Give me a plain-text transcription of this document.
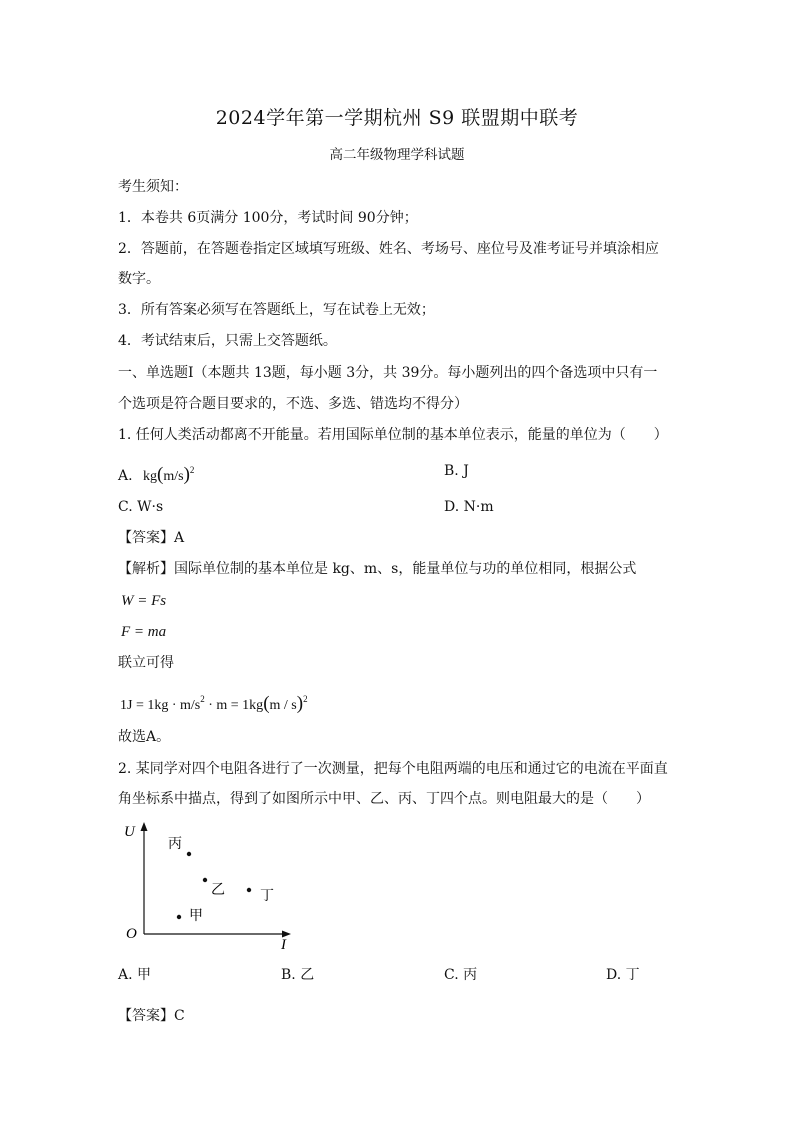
2024学年第一学期杭州 S9 联盟期中联考
高二年级物理学科试题
考生须知：
1．本卷共 6页满分 100分，考试时间 90分钟；
2．答题前，在答题卷指定区域填写班级、姓名、考场号、座位号及准考证号并填涂相应
数字。
3．所有答案必须写在答题纸上，写在试卷上无效；
4．考试结束后，只需上交答题纸。
一、单选题Ⅰ（本题共 13题，每小题 3分，共 39分。每小题列出的四个备选项中只有一
个选项是符合题目要求的，不选、多选、错选均不得分）
1. 任何人类活动都离不开能量。若用国际单位制的基本单位表示，能量的单位为（　　）
A. $kg(m/s)^2$	B. J
C. W·s	D. N·m
【答案】A
【解析】国际单位制的基本单位是 kg、m、s，能量单位与功的单位相同，根据公式
W = Fs
F = ma
联立可得
$1J = 1kg \cdot m/s^2 \cdot m = 1kg(m / s)^2$
故选A。
2. 某同学对四个电阻各进行了一次测量，把每个电阻两端的电压和通过它的电流在平面直
角坐标系中描点，得到了如图所示中甲、乙、丙、丁四个点。则电阻最大的是（　　）
U
I
O
丙
乙	丁
甲
A. 甲	B. 乙	C. 丙	D. 丁
【答案】C
